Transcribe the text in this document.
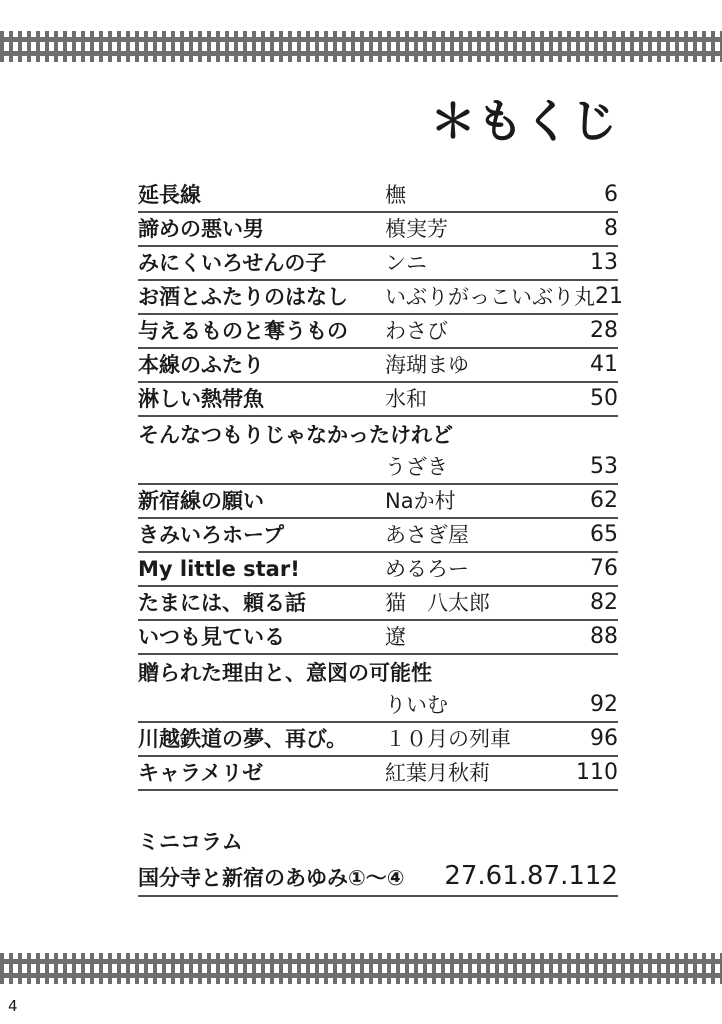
＊もくじ
延長線	橅	6
諦めの悪い男	槙実芳	8
みにくいろせんの子	ンニ	13
お酒とふたりのはなし	いぶりがっこいぶり丸 21
与えるものと奪うもの	わさび	28
本線のふたり	海瑚まゆ	41
淋しい熱帯魚	水和	50
そんなつもりじゃなかったけれど
うざき	53
新宿線の願い	Naか村	62
きみいろホープ	あさぎ屋	65
My little star!	めるろー	76
たまには、頼る話	猫　八太郎	82
いつも見ている	遼	88
贈られた理由と、意図の可能性
りいむ	92
川越鉄道の夢、再び。	１０月の列車	96
キャラメリゼ	紅葉月秋莉	110
ミニコラム
国分寺と新宿のあゆみ①～④ 27.61.87.112
4
